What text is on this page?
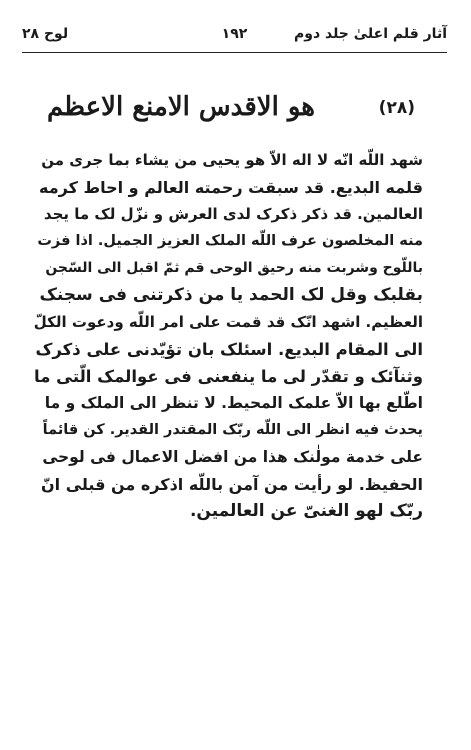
آثار قلم اعلیٰ جلد دوم
١٩٢
لوح ٢٨
(٢٨)
هو الاقدس الامنع الاعظم
شهد اللّه انّه لا اله الاّ هو یحیی من یشاء بما جری من
قلمه البدیع. قد سبقت رحمته العالم و احاط کرمه
العالمین. قد ذکر ذکرک لدی العرش و نزّل لک ما یجد
منه المخلصون عرف اللّه الملک العزیز الجمیل. اذا فزت
باللّوح وشربت منه رحیق الوحی قم ثمّ اقبل الی السّجن
بقلبک وقل لک الحمد یا من ذکرتنی فی سجنک
العظیم. اشهد انّک قد قمت علی امر اللّه ودعوت الکلّ
الی المقام البدیع. اسئلک بان تؤیّدنی علی ذکرک
وثنآئک و تقدّر لی ما ینفعنی فی عوالمک الّتی ما
اطّلع بها الاّ علمک المحیط. لا تنظر الی الملک و ما
یحدث فیه انظر الی اللّه ربّک المقتدر القدیر. کن قائماً
علی خدمة مولٰنک هذا من افضل الاعمال فی لوحی
الحفیظ. لو رأیت من آمن باللّه اذکره من قبلی انّ
ربّک لهو الغنیّ عن العالمین.
